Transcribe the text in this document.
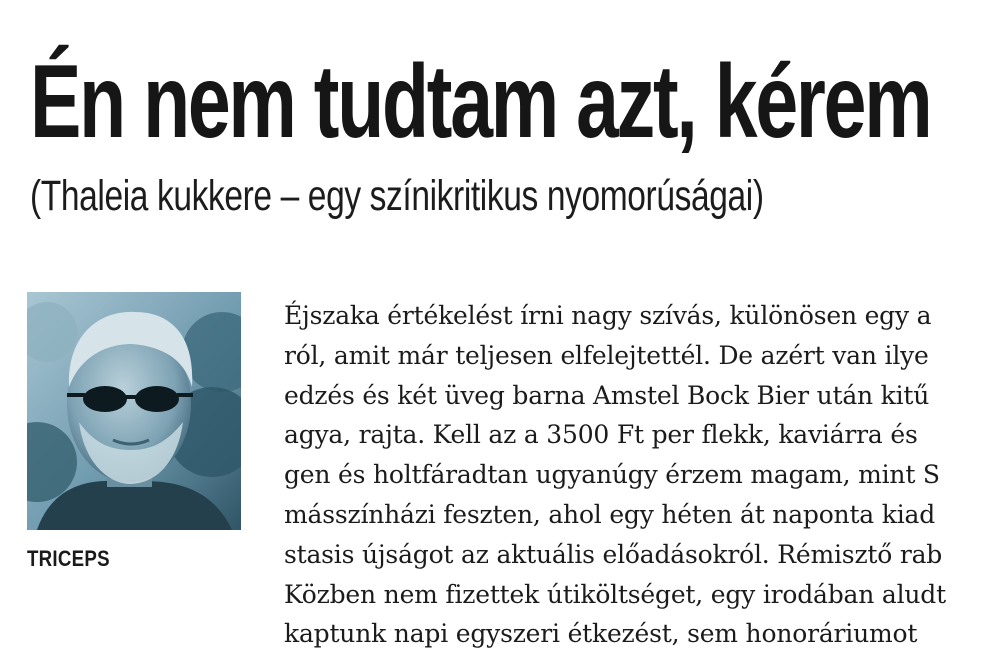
Én nem tudtam azt, kérem

(Thaleia kukkere – egy színikritikus nyomorúságai)

TRICEPS
Éjszaka értékelést írni nagy szívás, különösen egy a
ról, amit már teljesen elfelejtettél. De azért van ilye
edzés és két üveg barna Amstel Bock Bier után kitű
agya, rajta. Kell az a 3500 Ft per flekk, kaviárra és
gen és holtfáradtan ugyanúgy érzem magam, mint S
másszínházi feszten, ahol egy héten át naponta kiad
stasis újságot az aktuális előadásokról. Rémisztő rab
Közben nem fizettek útiköltséget, egy irodában aludt
kaptunk napi egyszeri étkezést, sem honoráriumot
